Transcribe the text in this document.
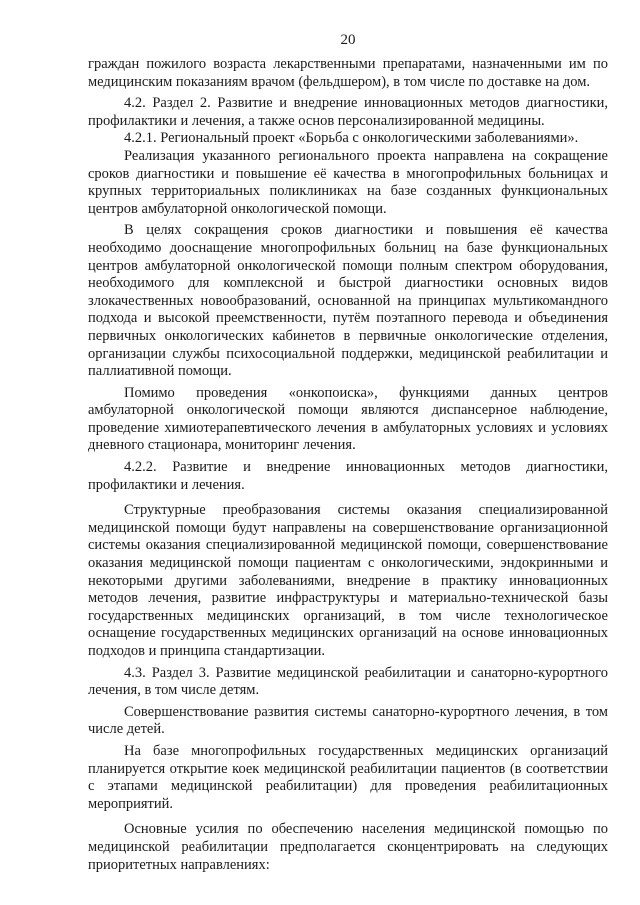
20

граждан пожилого возраста лекарственными препаратами, назначенными им по медицинским показаниям врачом (фельдшером), в том числе по доставке на дом.

4.2. Раздел 2. Развитие и внедрение инновационных методов диагностики, профилактики и лечения, а также основ персонализированной медицины.

4.2.1. Региональный проект «Борьба с онкологическими заболеваниями».

Реализация указанного регионального проекта направлена на сокращение сроков диагностики и повышение её качества в многопрофильных больницах и крупных территориальных поликлиниках на базе созданных функциональных центров амбулаторной онкологической помощи.

В целях сокращения сроков диагностики и повышения её качества необходимо дооснащение многопрофильных больниц на базе функциональных центров амбулаторной онкологической помощи полным спектром оборудования, необходимого для комплексной и быстрой диагностики основных видов злокачественных новообразований, основанной на принципах мультикомандного подхода и высокой преемственности, путём поэтапного перевода и объединения первичных онкологических кабинетов в первичные онкологические отделения, организации службы психосоциальной поддержки, медицинской реабилитации и паллиативной помощи.

Помимо проведения «онкопоиска», функциями данных центров амбулаторной онкологической помощи являются диспансерное наблюдение, проведение химиотерапевтического лечения в амбулаторных условиях и условиях дневного стационара, мониторинг лечения.

4.2.2. Развитие и внедрение инновационных методов диагностики, профилактики и лечения.

Структурные преобразования системы оказания специализированной медицинской помощи будут направлены на совершенствование организационной системы оказания специализированной медицинской помощи, совершенствование оказания медицинской помощи пациентам с онкологическими, эндокринными и некоторыми другими заболеваниями, внедрение в практику инновационных методов лечения, развитие инфраструктуры и материально-технической базы государственных медицинских организаций, в том числе технологическое оснащение государственных медицинских организаций на основе инновационных подходов и принципа стандартизации.

4.3. Раздел 3. Развитие медицинской реабилитации и санаторно-курортного лечения, в том числе детям.

Совершенствование развития системы санаторно-курортного лечения, в том числе детей.

На базе многопрофильных государственных медицинских организаций планируется открытие коек медицинской реабилитации пациентов (в соответствии с этапами медицинской реабилитации) для проведения реабилитационных мероприятий.

Основные усилия по обеспечению населения медицинской помощью по медицинской реабилитации предполагается сконцентрировать на следующих приоритетных направлениях:
